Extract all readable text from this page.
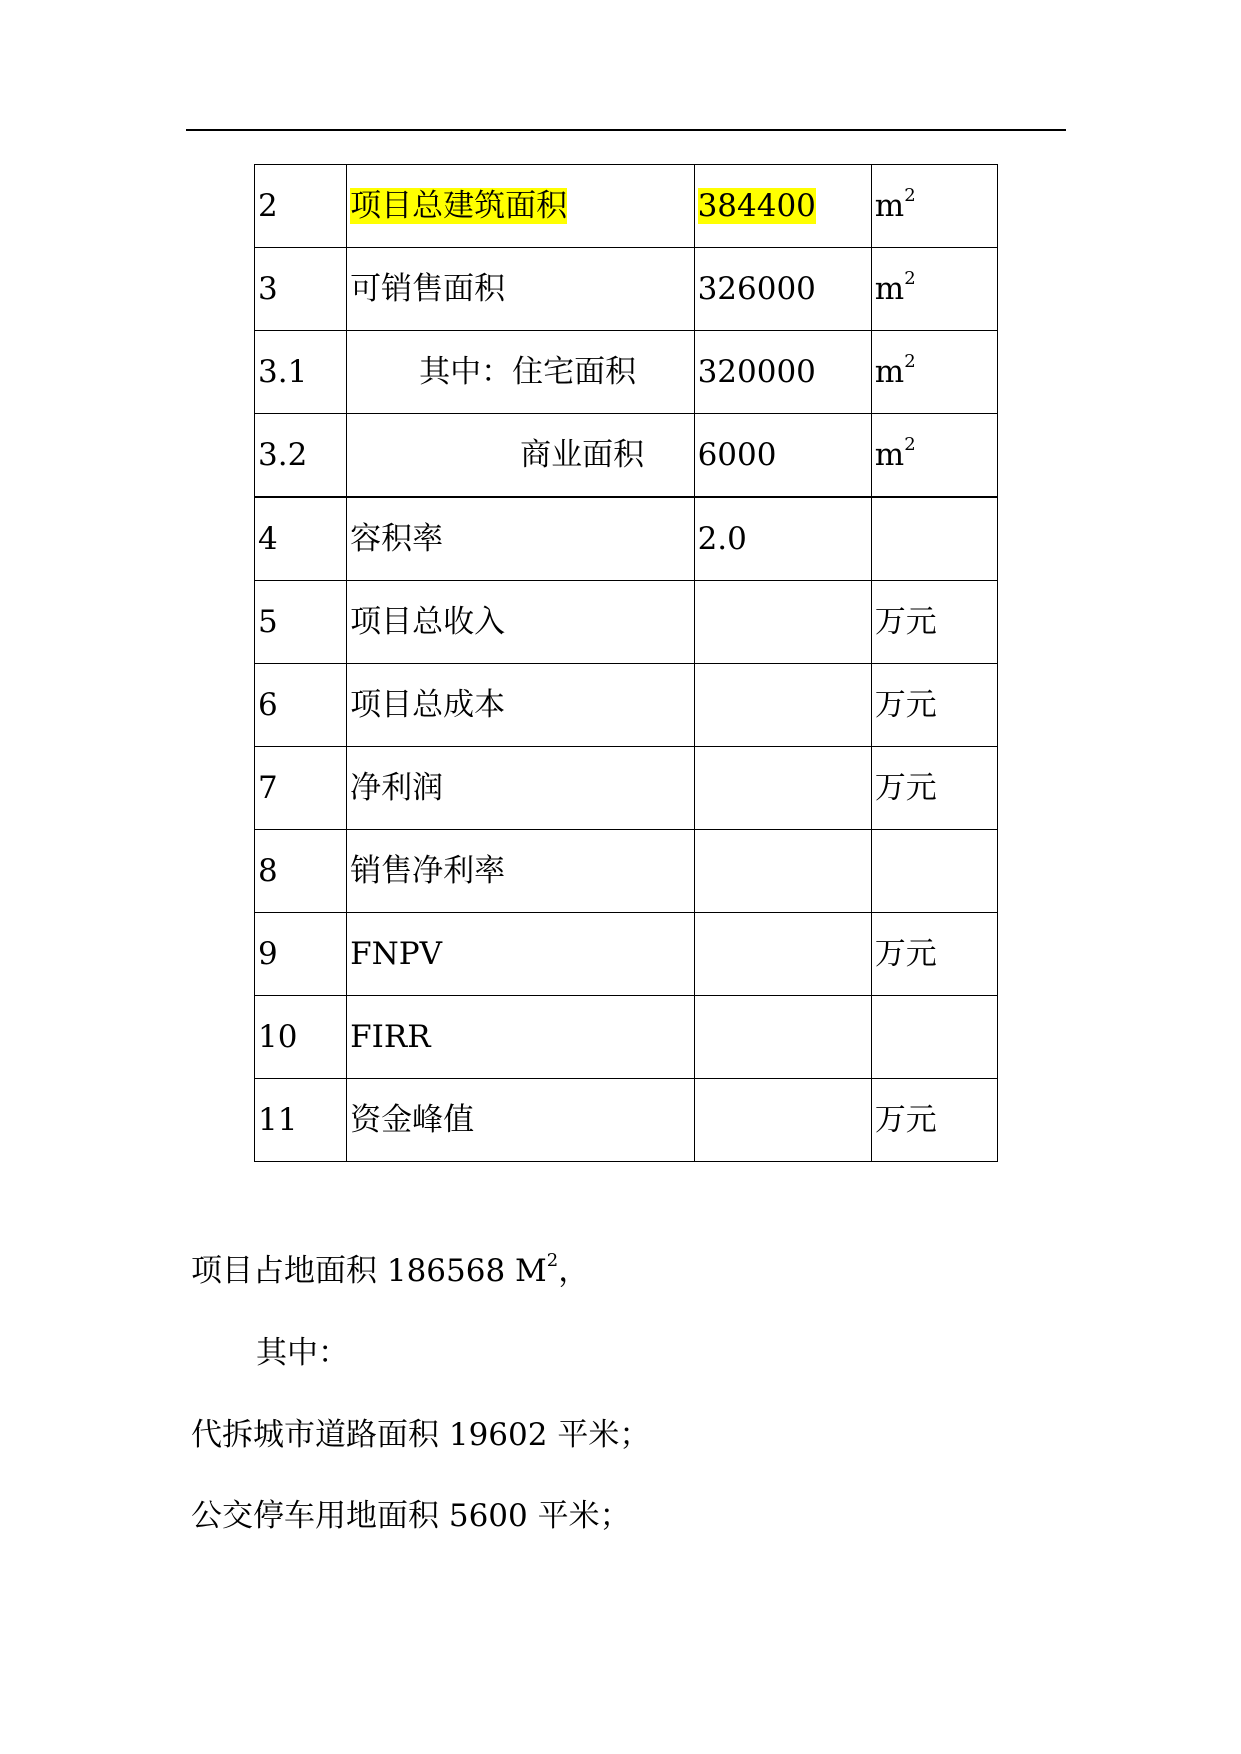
2	项目总建筑面积	384400	$m^2$
3	可销售面积	326000	$m^2$
3.1	其中：住宅面积	320000	$m^2$
3.2	商业面积	6000	$m^2$
4	容积率	2.0	
5	项目总收入		万元
6	项目总成本		万元
7	净利润		万元
8	销售净利率		
9	FNPV		万元
10	FIRR		
11	资金峰值		万元
项目占地面积 186568 $M^2$，
其中：
代拆城市道路面积 19602 平米；
公交停车用地面积 5600 平米；
